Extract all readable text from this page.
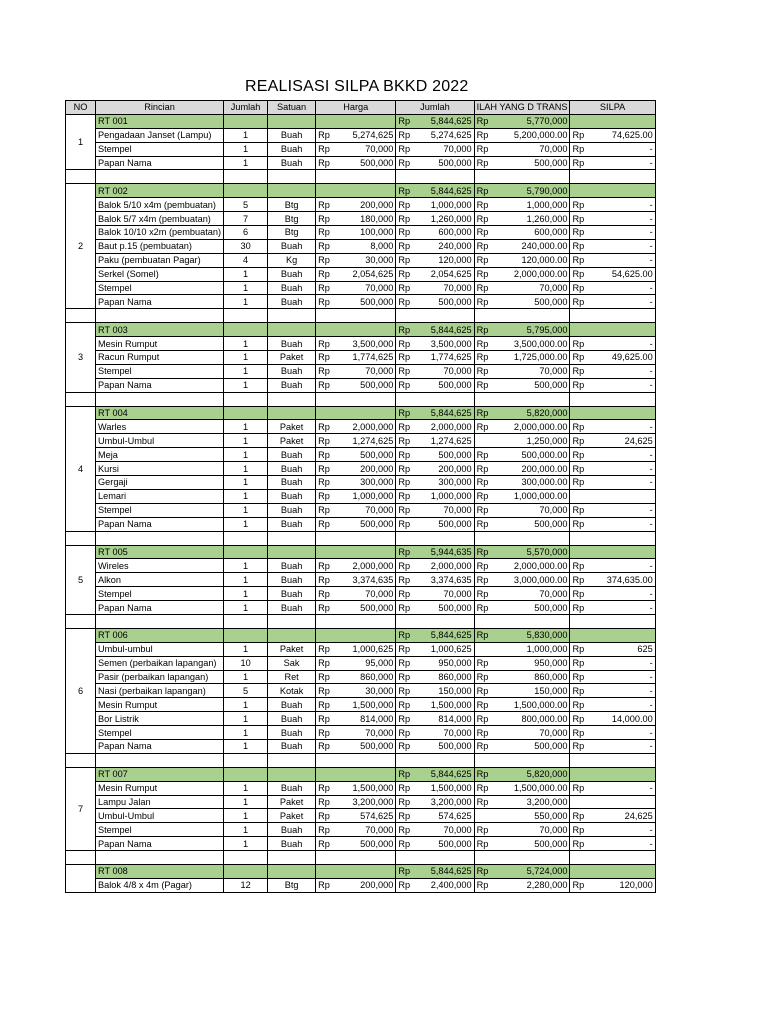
REALISASI SILPA BKKD 2022
NO	Rincian	Jumlah	Satuan	Harga		Jumlah		ILAH YANG D TRANS		SILPA	
1	RT 001					Rp	5,844,625	Rp	5,770,000		
	Pengadaan Janset (Lampu)	1	Buah	Rp	5,274,625	Rp	5,274,625	Rp	5,200,000.00	Rp	74,625.00
	Stempel	1	Buah	Rp	70,000	Rp	70,000	Rp	70,000	Rp	-
	Papan Nama	1	Buah	Rp	500,000	Rp	500,000	Rp	500,000	Rp	-

2	RT 002					Rp	5,844,625	Rp	5,790,000		
	Balok 5/10 x4m (pembuatan)	5	Btg	Rp	200,000	Rp	1,000,000	Rp	1,000,000	Rp	-
	Balok 5/7 x4m (pembuatan)	7	Btg	Rp	180,000	Rp	1,260,000	Rp	1,260,000	Rp	-
	Balok 10/10 x2m (pembuatan)	6	Btg	Rp	100,000	Rp	600,000	Rp	600,000	Rp	-
	Baut p.15 (pembuatan)	30	Buah	Rp	8,000	Rp	240,000	Rp	240,000.00	Rp	-
	Paku (pembuatan Pagar)	4	Kg	Rp	30,000	Rp	120,000	Rp	120,000.00	Rp	-
	Serkel (Somel)	1	Buah	Rp	2,054,625	Rp	2,054,625	Rp	2,000,000.00	Rp	54,625.00
	Stempel	1	Buah	Rp	70,000	Rp	70,000	Rp	70,000	Rp	-
	Papan Nama	1	Buah	Rp	500,000	Rp	500,000	Rp	500,000	Rp	-

3	RT 003					Rp	5,844,625	Rp	5,795,000		
	Mesin Rumput	1	Buah	Rp	3,500,000	Rp	3,500,000	Rp	3,500,000.00	Rp	-
	Racun Rumput	1	Paket	Rp	1,774,625	Rp	1,774,625	Rp	1,725,000.00	Rp	49,625.00
	Stempel	1	Buah	Rp	70,000	Rp	70,000	Rp	70,000	Rp	-
	Papan Nama	1	Buah	Rp	500,000	Rp	500,000	Rp	500,000	Rp	-

4	RT 004					Rp	5,844,625	Rp	5,820,000		
	Warles	1	Paket	Rp	2,000,000	Rp	2,000,000	Rp	2,000,000.00	Rp	-
	Umbul-Umbul	1	Paket	Rp	1,274,625	Rp	1,274,625		1,250,000	Rp	24,625
	Meja	1	Buah	Rp	500,000	Rp	500,000	Rp	500,000.00	Rp	-
	Kursi	1	Buah	Rp	200,000	Rp	200,000	Rp	200,000.00	Rp	-
	Gergaji	1	Buah	Rp	300,000	Rp	300,000	Rp	300,000.00	Rp	-
	Lemari	1	Buah	Rp	1,000,000	Rp	1,000,000	Rp	1,000,000.00		
	Stempel	1	Buah	Rp	70,000	Rp	70,000	Rp	70,000	Rp	-
	Papan Nama	1	Buah	Rp	500,000	Rp	500,000	Rp	500,000	Rp	-

5	RT 005					Rp	5,944,635	Rp	5,570,000		
	Wireles	1	Buah	Rp	2,000,000	Rp	2,000,000	Rp	2,000,000.00	Rp	-
	Alkon	1	Buah	Rp	3,374,635	Rp	3,374,635	Rp	3,000,000.00	Rp	374,635.00
	Stempel	1	Buah	Rp	70,000	Rp	70,000	Rp	70,000	Rp	-
	Papan Nama	1	Buah	Rp	500,000	Rp	500,000	Rp	500,000	Rp	-

6	RT 006					Rp	5,844,625	Rp	5,830,000		
	Umbul-umbul	1	Paket	Rp	1,000,625	Rp	1,000,625		1,000,000	Rp	625
	Semen (perbaikan lapangan)	10	Sak	Rp	95,000	Rp	950,000	Rp	950,000	Rp	-
	Pasir (perbaikan lapangan)	1	Ret	Rp	860,000	Rp	860,000	Rp	860,000	Rp	-
	Nasi (perbaikan lapangan)	5	Kotak	Rp	30,000	Rp	150,000	Rp	150,000	Rp	-
	Mesin Rumput	1	Buah	Rp	1,500,000	Rp	1,500,000	Rp	1,500,000.00	Rp	-
	Bor Listrik	1	Buah	Rp	814,000	Rp	814,000	Rp	800,000.00	Rp	14,000.00
	Stempel	1	Buah	Rp	70,000	Rp	70,000	Rp	70,000	Rp	-
	Papan Nama	1	Buah	Rp	500,000	Rp	500,000	Rp	500,000	Rp	-

7	RT 007					Rp	5,844,625	Rp	5,820,000		
	Mesin Rumput	1	Buah	Rp	1,500,000	Rp	1,500,000	Rp	1,500,000.00	Rp	-
	Lampu Jalan	1	Paket	Rp	3,200,000	Rp	3,200,000	Rp	3,200,000		
	Umbul-Umbul	1	Paket	Rp	574,625	Rp	574,625		550,000	Rp	24,625
	Stempel	1	Buah	Rp	70,000	Rp	70,000	Rp	70,000	Rp	-
	Papan Nama	1	Buah	Rp	500,000	Rp	500,000	Rp	500,000	Rp	-

	RT 008					Rp	5,844,625	Rp	5,724,000		
	Balok 4/8 x 4m (Pagar)	12	Btg	Rp	200,000	Rp	2,400,000	Rp	2,280,000	Rp	120,000
